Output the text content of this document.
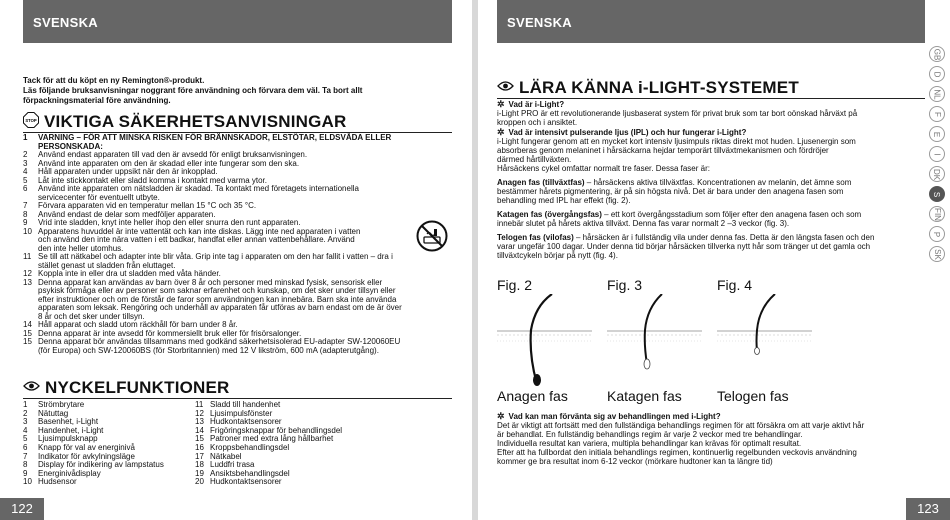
SVENSKA
Tack för att du köpt en ny Remington®-produkt.
Läs följande bruksanvisningar noggrant före användning och förvara dem väl. Ta bort allt
förpackningsmaterial före användning.
STOP VIKTIGA SÄKERHETSANVISNINGAR
1	VARNING – FÖR ATT MINSKA RISKEN FÖR BRÄNNSKADOR, ELSTÖTAR, ELDSVÅDA ELLER PERSONSKADA:
2	Använd endast apparaten till vad den är avsedd för enligt bruksanvisningen.
3	Använd inte apparaten om den är skadad eller inte fungerar som den ska.
4	Håll apparaten under uppsikt när den är inkopplad.
5	Låt inte stickkontakt eller sladd komma i kontakt med varma ytor.
6	Använd inte apparaten om nätsladden är skadad. Ta kontakt med företagets internationella
servicecenter för eventuellt utbyte.
7	Förvara apparaten vid en temperatur mellan 15 °C och 35 °C.
8	Använd endast de delar som medföljer apparaten.
9	Vrid inte sladden, knyt inte heller ihop den eller snurra den runt apparaten.
10 Apparatens huvuddel är inte vattentät och kan inte diskas. Lägg inte ned apparaten i vatten
och använd den inte nära vatten i ett badkar, handfat eller annan vattenbehållare. Använd
den inte heller utomhus.
11 Se till att nätkabel och adapter inte blir våta. Grip inte tag i apparaten om den har fallit i vatten – dra i
stället genast ut sladden från eluttaget.
12 Koppla inte in eller dra ut sladden med våta händer.
13 Denna apparat kan användas av barn över 8 år och personer med minskad fysisk, sensorisk eller
psykisk förmåga eller av personer som saknar erfarenhet och kunskap, om det sker under tillsyn eller
efter instruktioner och om de förstår de faror som användningen kan innebära. Barn ska inte använda
apparaten som leksak. Rengöring och underhåll av apparaten får utföras av barn endast om de är över
8 år och det sker under tillsyn.
14 Håll apparat och sladd utom räckhåll för barn under 8 år.
15 Denna apparat är inte avsedd för kommersiellt bruk eller för frisörsalonger.
15 Denna apparat bör användas tillsammans med godkänd säkerhetsisolerad EU-adapter SW-120060EU
(för Europa) och SW-120060BS (för Storbritannien) med 12 V likström, 600 mA (adapterutgång).
NYCKELFUNKTIONER
1	Strömbrytare
2	Nätuttag
3	Basenhet, i-Light
4	Handenhet, i-Light
5	Ljusimpulsknapp
6	Knapp för val av energinivå
7	Indikator för avkylningsläge
8	Display för indikering av lampstatus
9	Energinivådisplay
10 Hudsensor
11 Sladd till handenhet
12 Ljusimpulsfönster
13 Hudkontaktsensorer
14 Frigöringsknappar för behandlingsdel
15 Patroner med extra lång hållbarhet
16 Kroppsbehandlingsdel
17 Nätkabel
18 Luddfri trasa
19 Ansiktsbehandlingsdel
20 Hudkontaktsensorer
122
SVENSKA
LÄRA KÄNNA i-LIGHT-SYSTEMET
✲ Vad är i-Light?
i-Light PRO är ett revolutionerande ljusbaserat system för privat bruk som tar bort oönskad hårväxt på
kroppen och i ansiktet.
✲ Vad är intensivt pulserande ljus (IPL) och hur fungerar i-Light?
i-Light fungerar genom att en mycket kort intensiv ljusimpuls riktas direkt mot huden. Ljusenergin som
absorberas genom melaninet i hårsäckarna hejdar temporärt tillväxtmekanismen och fördröjer
därmed hårtillväxten.
Hårsäckens cykel omfattar normalt tre faser. Dessa faser är:
Anagen fas (tillväxtfas) – hårsäckens aktiva tillväxtfas. Koncentrationen av melanin, det ämne som
bestämmer hårets pigmentering, är på sin högsta nivå. Det är bara under den anagena fasen som
behandling med IPL har effekt (fig. 2).
Katagen fas (övergångsfas) – ett kort övergångsstadium som följer efter den anagena fasen och som
innebär slutet på hårets aktiva tillväxt. Denna fas varar normalt 2 –3 veckor (fig. 3).
Telogen fas (vilofas) – hårsäcken är i fullständig vila under denna fas. Detta är den längsta fasen och den
varar ungefär 100 dagar. Under denna tid börjar hårsäcken tillverka nytt hår som tränger ut det gamla och
tillväxtcykeln börjar på nytt (fig. 4).
Fig. 2
Anagen fas
Fig. 3
Katagen fas
Fig. 4
Telogen fas
✲ Vad kan man förvänta sig av behandlingen med i-Light?
Det är viktigt att fortsätt med den fullständiga behandlings regimen för att försäkra om att varje aktivt hår
är behandlat. En fullständig behandlings regim är varje 2 veckor med tre behandlingar.
Individuella resultat kan variera, multipla behandlingar kan krävas för optimalt resultat.
Efter att ha fullbordat den initiala behandlings regimen, kontinuerlig regelbunden veckovis användning
kommer ge bra resultat inom 6-12 veckor (mörkare hudtoner kan ta längre tid)
GB
D
NL
F
E
I
DK
S
FIN
P
SK
123
